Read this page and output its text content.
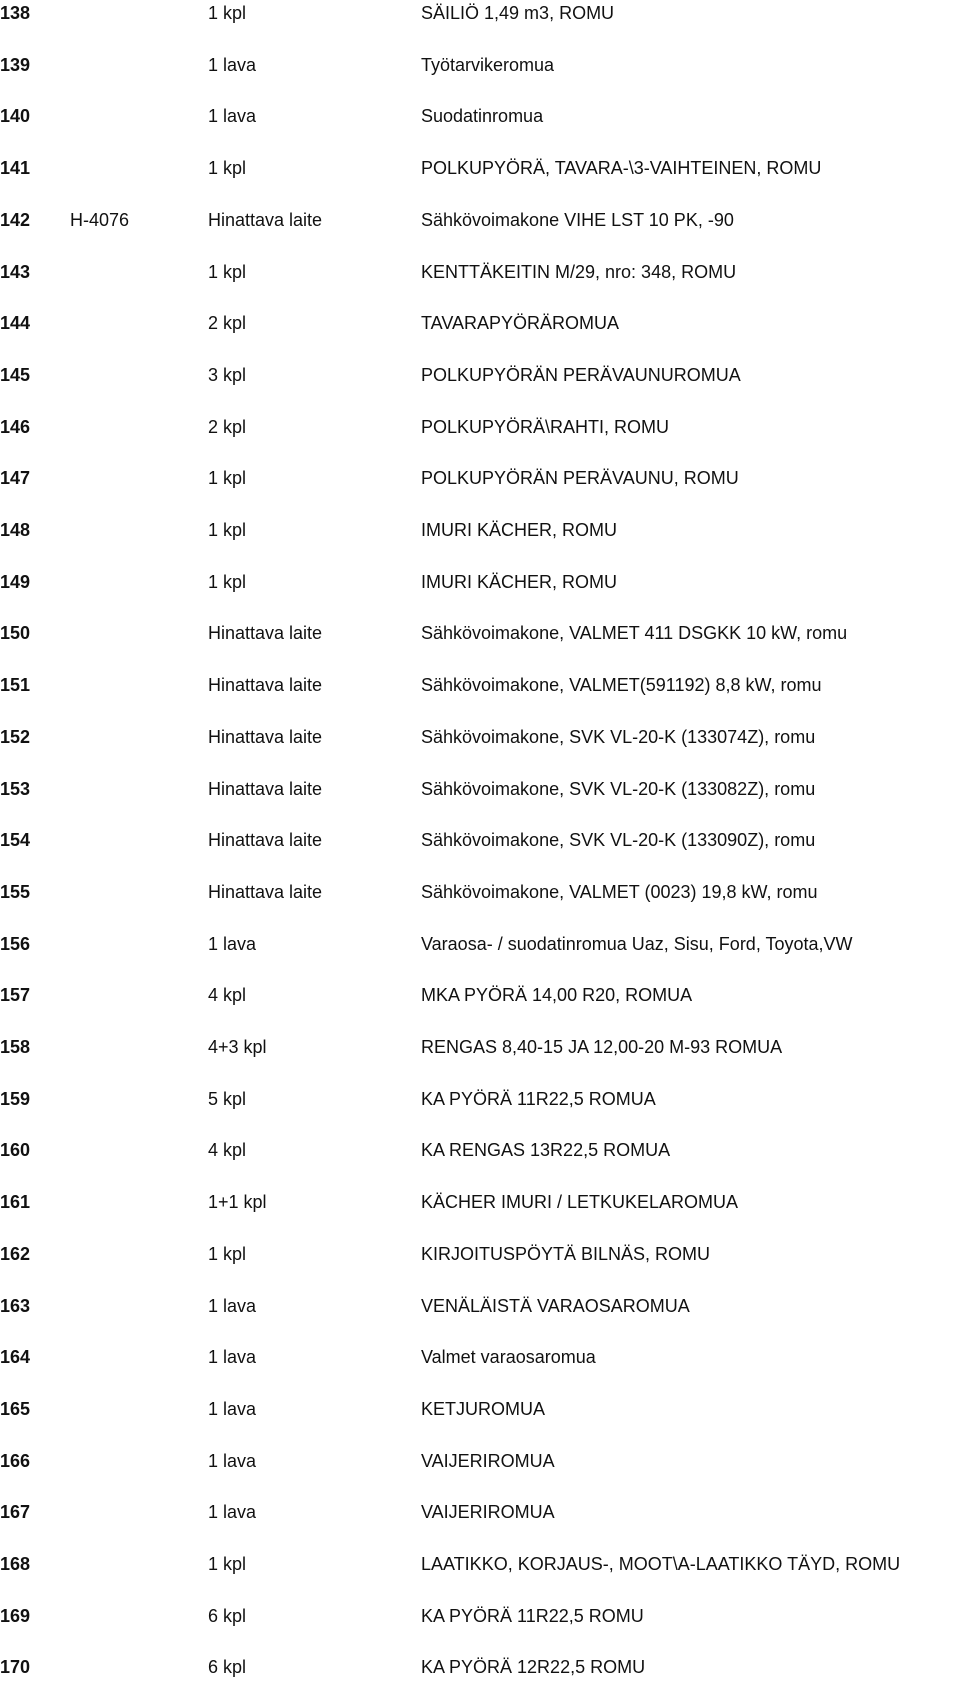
138	1 kpl	SÄILIÖ 1,49 m3, ROMU
139	1 lava	Työtarvikeromua
140	1 lava	Suodatinromua
141	1 kpl	POLKUPYÖRÄ, TAVARA-\3-VAIHTEINEN, ROMU
142 H-4076	Hinattava laite	Sähkövoimakone VIHE LST 10 PK, -90
143	1 kpl	KENTTÄKEITIN M/29, nro: 348, ROMU
144	2 kpl	TAVARAPYÖRÄROMUA
145	3 kpl	POLKUPYÖRÄN PERÄVAUNUROMUA
146	2 kpl	POLKUPYÖRÄ\RAHTI, ROMU
147	1 kpl	POLKUPYÖRÄN PERÄVAUNU, ROMU
148	1 kpl	IMURI KÄCHER, ROMU
149	1 kpl	IMURI KÄCHER, ROMU
150	Hinattava laite	Sähkövoimakone, VALMET 411 DSGKK 10 kW, romu
151	Hinattava laite	Sähkövoimakone, VALMET(591192) 8,8 kW, romu
152	Hinattava laite	Sähkövoimakone, SVK VL-20-K (133074Z), romu
153	Hinattava laite	Sähkövoimakone, SVK VL-20-K (133082Z), romu
154	Hinattava laite	Sähkövoimakone, SVK VL-20-K (133090Z), romu
155	Hinattava laite	Sähkövoimakone, VALMET (0023) 19,8 kW, romu
156	1 lava	Varaosa- / suodatinromua Uaz, Sisu, Ford, Toyota,VW
157	4 kpl	MKA PYÖRÄ 14,00 R20, ROMUA
158	4+3 kpl	RENGAS 8,40-15 JA 12,00-20 M-93 ROMUA
159	5 kpl	KA PYÖRÄ 11R22,5 ROMUA
160	4 kpl	KA RENGAS 13R22,5 ROMUA
161	1+1 kpl	KÄCHER IMURI / LETKUKELAROMUA
162	1 kpl	KIRJOITUSPÖYTÄ BILNÄS, ROMU
163	1 lava	VENÄLÄISTÄ VARAOSAROMUA
164	1 lava	Valmet varaosaromua
165	1 lava	KETJUROMUA
166	1 lava	VAIJERIROMUA
167	1 lava	VAIJERIROMUA
168	1 kpl	LAATIKKO, KORJAUS-, MOOT\A-LAATIKKO TÄYD, ROMU
169	6 kpl	KA PYÖRÄ 11R22,5 ROMU
170	6 kpl	KA PYÖRÄ 12R22,5 ROMU
